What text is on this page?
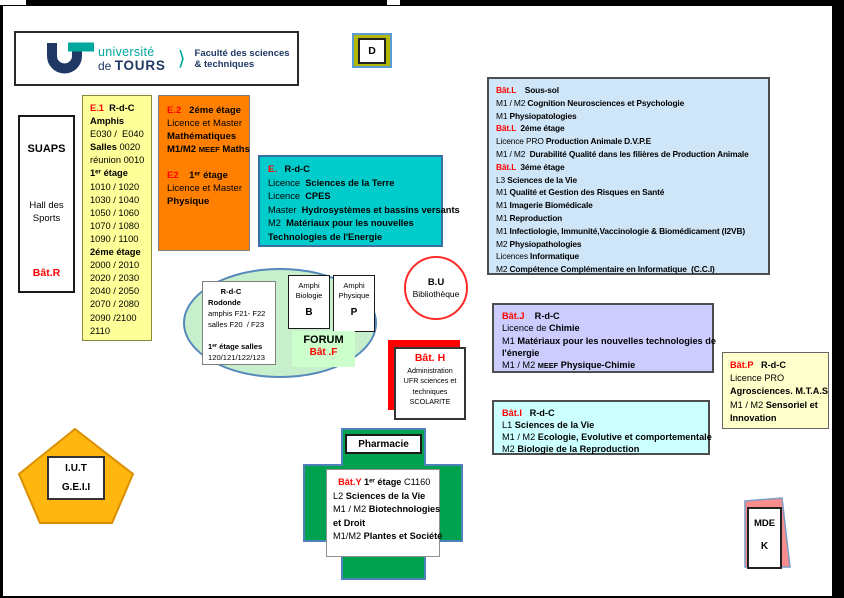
université
de TOURS ⟩ Faculté des sciences
& techniques
D
SUAPS
Hall des
Sports
Bât.R
E.1  R-d-C
Amphis
E030 /  E040
Salles 0020
réunion 0010
1ᵉʳ étage
1010 / 1020
1030 / 1040
1050 / 1060
1070 / 1080
1090 / 1100
2éme étage
2000 / 2010
2020 / 2030
2040 / 2050
2070 / 2080
2090 /2100
2110
E.2   2éme étage
Licence et Master
Mathématiques
M1/M2 MEEF Maths

E2    1ᵉʳ étage
Licence et Master
Physique
E.   R-d-C
Licence  Sciences de la Terre
Licence  CPES
Master  Hydrosystèmes et bassins versants
M2  Matériaux pour les nouvelles
Technologies de l'Energie
Bât.L    Sous-sol
M1 / M2 Cognition Neurosciences et Psychologie
M1 Physiopatologies
Bât.L  2éme étage
Licence PRO Production Animale D.V.P.E
M1 / M2  Durabilité Qualité dans les filières de Production Animale
Bât.L  3éme étage
L3 Sciences de la Vie
M1 Qualité et Gestion des Risques en Santé
M1 Imagerie Biomédicale
M1 Reproduction
M1 Infectiologie, Immunité,Vaccinologie & Biomédicament (I2VB)
M2 Physiopathologies
Licences Informatique
M2 Compétence Complémentaire en Informatique  (C.C.I)
B.U
Bibliothèque
R-d-C
Rodonde
amphis F21- F22
salles F20  / F23

1ᵉʳ étage salles
120/121/122/123
Amphi
Biologie
B
Amphi
Physique
P
FORUM
Bât .F	Bât. H
Administration
UFR sciences et
techniques
SCOLARITE
Bât.J    R-d-C
Licence de Chimie
M1 Matériaux pour les nouvelles technologies de
l'énergie
M1 / M2 MEEF Physique-Chimie	Bât.P   R-d-C
Licence PRO
Agrosciences. M.T.A.S
M1 / M2 Sensoriel et
Innovation
Bât.I   R-d-C
L1 Sciences de la Vie
M1 / M2 Ecologie, Evolutive et comportementale
M2 Biologie de la Reproduction
Pharmacie
Bât.Y 1ᵉʳ étage C1160
L2 Sciences de la Vie
M1 / M2 Biotechnologies
et Droit
M1/M2 Plantes et Société
I.U.T
G.E.I.I
MDE
K
